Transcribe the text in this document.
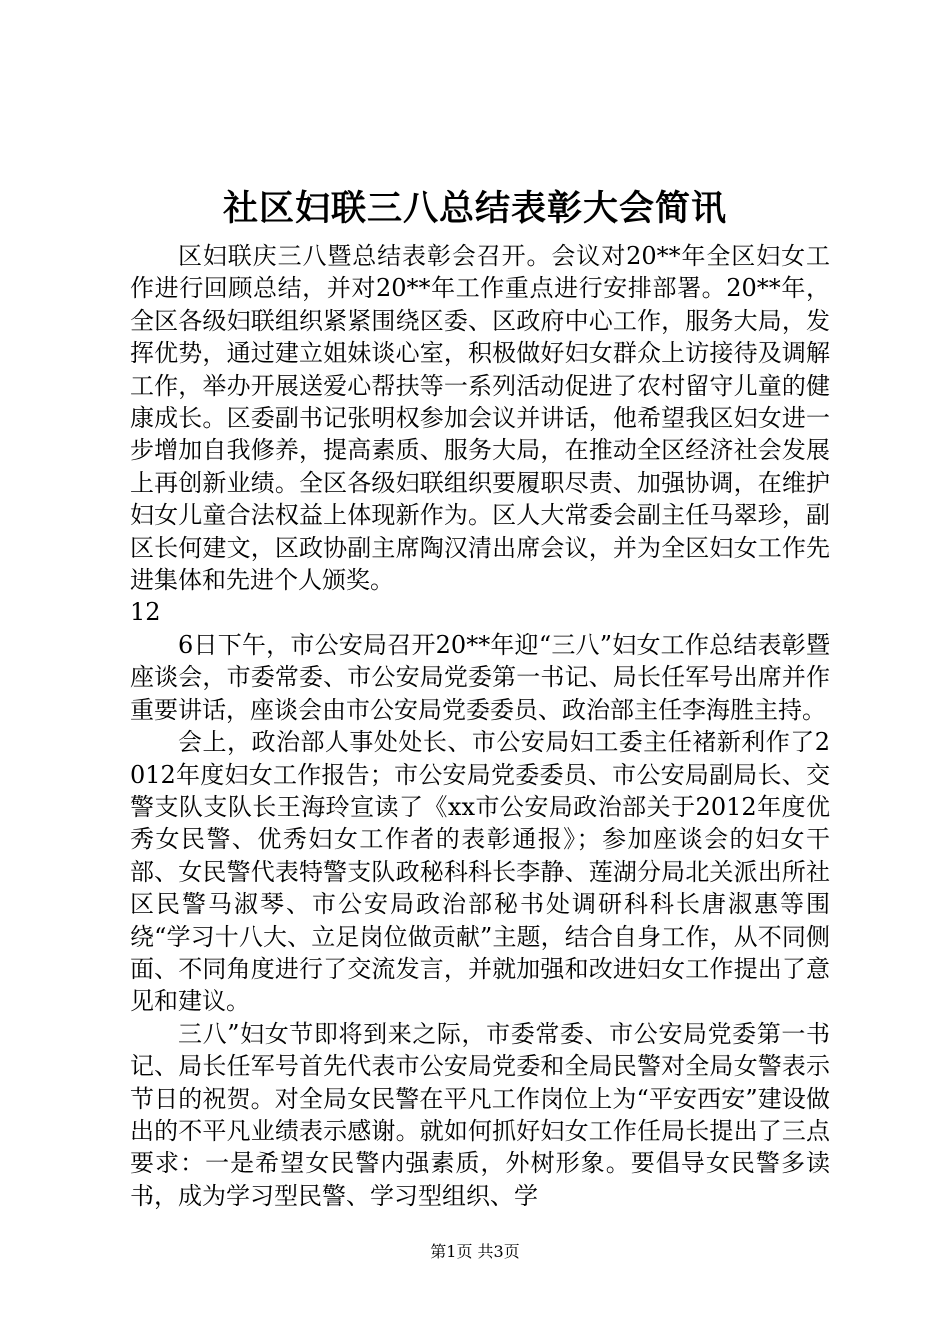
社区妇联三八总结表彰大会简讯

区妇联庆三八暨总结表彰会召开。会议对20**年全区妇女工作进行回顾总结，并对20**年工作重点进行安排部署。20**年，全区各级妇联组织紧紧围绕区委、区政府中心工作，服务大局，发挥优势，通过建立姐妹谈心室，积极做好妇女群众上访接待及调解工作，举办开展送爱心帮扶等一系列活动促进了农村留守儿童的健康成长。区委副书记张明权参加会议并讲话，他希望我区妇女进一步增加自我修养，提高素质、服务大局，在推动全区经济社会发展上再创新业绩。全区各级妇联组织要履职尽责、加强协调，在维护妇女儿童合法权益上体现新作为。区人大常委会副主任马翠珍，副区长何建文，区政协副主席陶汉清出席会议，并为全区妇女工作先进集体和先进个人颁奖。

12

6日下午，市公安局召开20**年迎“三八”妇女工作总结表彰暨座谈会，市委常委、市公安局党委第一书记、局长任军号出席并作重要讲话，座谈会由市公安局党委委员、政治部主任李海胜主持。

会上，政治部人事处处长、市公安局妇工委主任褚新利作了2012年度妇女工作报告；市公安局党委委员、市公安局副局长、交警支队支队长王海玲宣读了《xx市公安局政治部关于2012年度优秀女民警、优秀妇女工作者的表彰通报》；参加座谈会的妇女干部、女民警代表特警支队政秘科科长李静、莲湖分局北关派出所社区民警马淑琴、市公安局政治部秘书处调研科科长唐淑惠等围绕“学习十八大、立足岗位做贡献”主题，结合自身工作，从不同侧面、不同角度进行了交流发言，并就加强和改进妇女工作提出了意见和建议。

三八”妇女节即将到来之际，市委常委、市公安局党委第一书记、局长任军号首先代表市公安局党委和全局民警对全局女警表示节日的祝贺。对全局女民警在平凡工作岗位上为“平安西安”建设做出的不平凡业绩表示感谢。就如何抓好妇女工作任局长提出了三点要求：一是希望女民警内强素质，外树形象。要倡导女民警多读书，成为学习型民警、学习型组织、学

第1页 共3页
